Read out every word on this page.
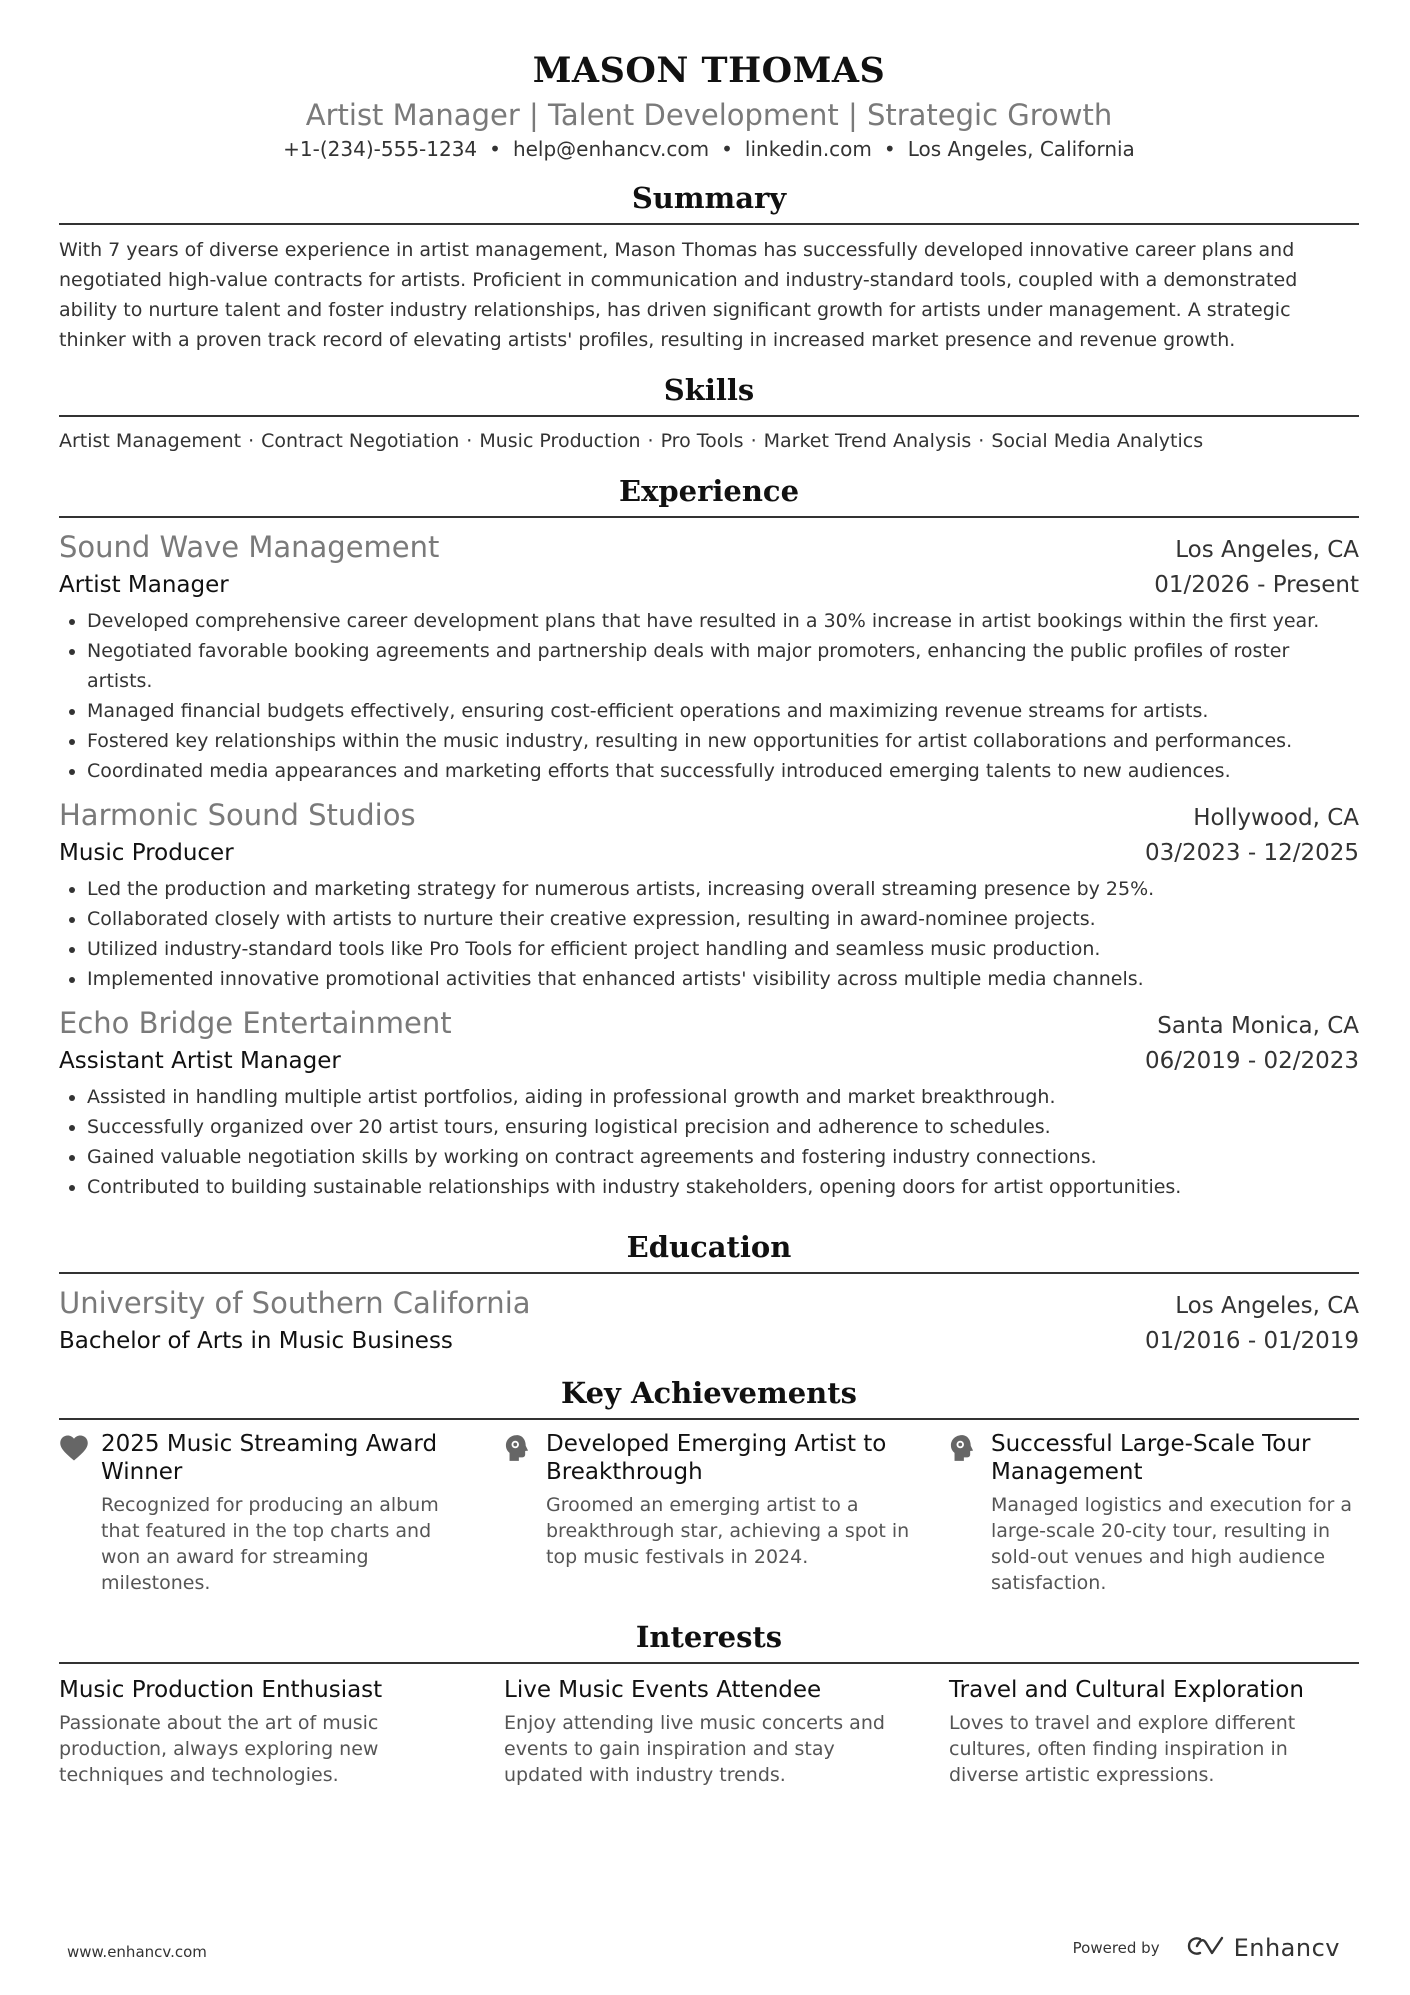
MASON THOMAS
Artist Manager | Talent Development | Strategic Growth
+1-(234)-555-1234 • help@enhancv.com • linkedin.com • Los Angeles, California
Summary
With 7 years of diverse experience in artist management, Mason Thomas has successfully developed innovative career plans and negotiated high-value contracts for artists. Proficient in communication and industry-standard tools, coupled with a demonstrated ability to nurture talent and foster industry relationships, has driven significant growth for artists under management. A strategic thinker with a proven track record of elevating artists' profiles, resulting in increased market presence and revenue growth.
Skills
Artist Management · Contract Negotiation · Music Production · Pro Tools · Market Trend Analysis · Social Media Analytics
Experience
Sound Wave Management	Los Angeles, CA
Artist Manager	01/2026 - Present
• Developed comprehensive career development plans that have resulted in a 30% increase in artist bookings within the first year.
• Negotiated favorable booking agreements and partnership deals with major promoters, enhancing the public profiles of roster artists.
• Managed financial budgets effectively, ensuring cost-efficient operations and maximizing revenue streams for artists.
• Fostered key relationships within the music industry, resulting in new opportunities for artist collaborations and performances.
• Coordinated media appearances and marketing efforts that successfully introduced emerging talents to new audiences.
Harmonic Sound Studios	Hollywood, CA
Music Producer	03/2023 - 12/2025
• Led the production and marketing strategy for numerous artists, increasing overall streaming presence by 25%.
• Collaborated closely with artists to nurture their creative expression, resulting in award-nominee projects.
• Utilized industry-standard tools like Pro Tools for efficient project handling and seamless music production.
• Implemented innovative promotional activities that enhanced artists' visibility across multiple media channels.
Echo Bridge Entertainment	Santa Monica, CA
Assistant Artist Manager	06/2019 - 02/2023
• Assisted in handling multiple artist portfolios, aiding in professional growth and market breakthrough.
• Successfully organized over 20 artist tours, ensuring logistical precision and adherence to schedules.
• Gained valuable negotiation skills by working on contract agreements and fostering industry connections.
• Contributed to building sustainable relationships with industry stakeholders, opening doors for artist opportunities.
Education
University of Southern California	Los Angeles, CA
Bachelor of Arts in Music Business	01/2016 - 01/2019
Key Achievements
2025 Music Streaming Award Winner
Recognized for producing an album that featured in the top charts and won an award for streaming milestones.
Developed Emerging Artist to Breakthrough
Groomed an emerging artist to a breakthrough star, achieving a spot in top music festivals in 2024.
Successful Large-Scale Tour Management
Managed logistics and execution for a large-scale 20-city tour, resulting in sold-out venues and high audience satisfaction.
Interests
Music Production Enthusiast
Passionate about the art of music production, always exploring new techniques and technologies.
Live Music Events Attendee
Enjoy attending live music concerts and events to gain inspiration and stay updated with industry trends.
Travel and Cultural Exploration
Loves to travel and explore different cultures, often finding inspiration in diverse artistic expressions.
www.enhancv.com	Powered by	Enhancv
